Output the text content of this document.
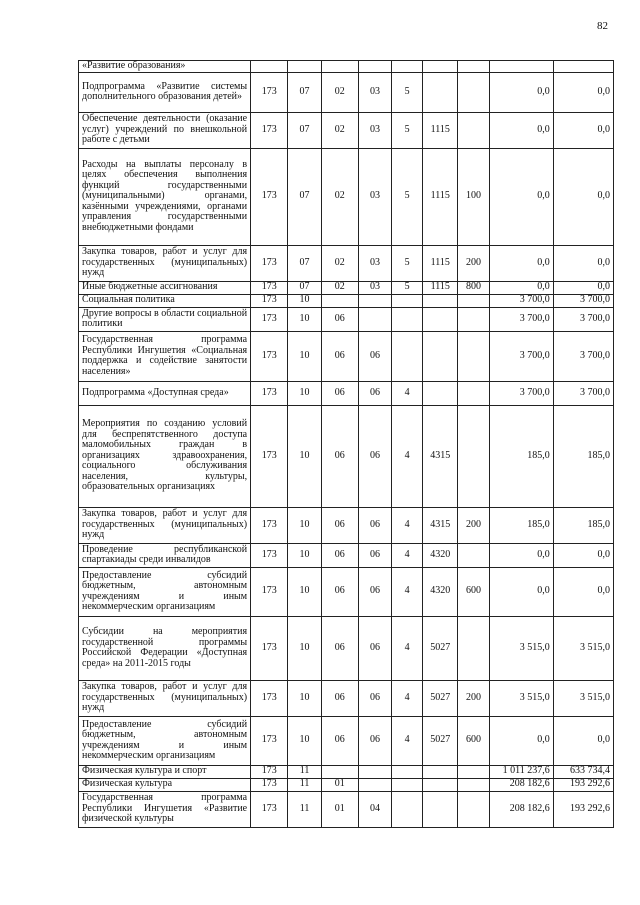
82
«Развитие образования»									
Подпрограмма «Развитие системы дополнительного образования детей»	173	07	02	03	5			0,0	0,0
Обеспечение деятельности (оказание услуг) учреждений по внешкольной работе с детьми	173	07	02	03	5	1115		0,0	0,0
Расходы на выплаты персоналу в целях обеспечения выполнения функций государственными (муниципальными) органами, казёнными учреждениями, органами управления государственными внебюджетными фондами	173	07	02	03	5	1115	100	0,0	0,0
Закупка товаров, работ и услуг для государственных (муниципальных) нужд	173	07	02	03	5	1115	200	0,0	0,0
Иные бюджетные ассигнования	173	07	02	03	5	1115	800	0,0	0,0
Социальная политика	173	10						3 700,0	3 700,0
Другие вопросы в области социальной политики	173	10	06					3 700,0	3 700,0
Государственная программа Республики Ингушетия «Социальная поддержка и содействие занятости населения»	173	10	06	06				3 700,0	3 700,0
Подпрограмма «Доступная среда»	173	10	06	06	4			3 700,0	3 700,0
Мероприятия по созданию условий для беспрепятственного доступа маломобильных граждан в организациях здравоохранения, социального обслуживания населения, культуры, образовательных организациях	173	10	06	06	4	4315		185,0	185,0
Закупка товаров, работ и услуг для государственных (муниципальных) нужд	173	10	06	06	4	4315	200	185,0	185,0
Проведение республиканской спартакиады среди инвалидов	173	10	06	06	4	4320		0,0	0,0
Предоставление субсидий бюджетным, автономным учреждениям и иным некоммерческим организациям	173	10	06	06	4	4320	600	0,0	0,0
Субсидии на мероприятия государственной программы Российской Федерации «Доступная среда» на 2011-2015 годы	173	10	06	06	4	5027		3 515,0	3 515,0
Закупка товаров, работ и услуг для государственных (муниципальных) нужд	173	10	06	06	4	5027	200	3 515,0	3 515,0
Предоставление субсидий бюджетным, автономным учреждениям и иным некоммерческим организациям	173	10	06	06	4	5027	600	0,0	0,0
Физическая культура и спорт	173	11						1 011 237,6	633 734,4
Физическая культура	173	11	01					208 182,6	193 292,6
Государственная программа Республики Ингушетия «Развитие физической культуры	173	11	01	04				208 182,6	193 292,6
